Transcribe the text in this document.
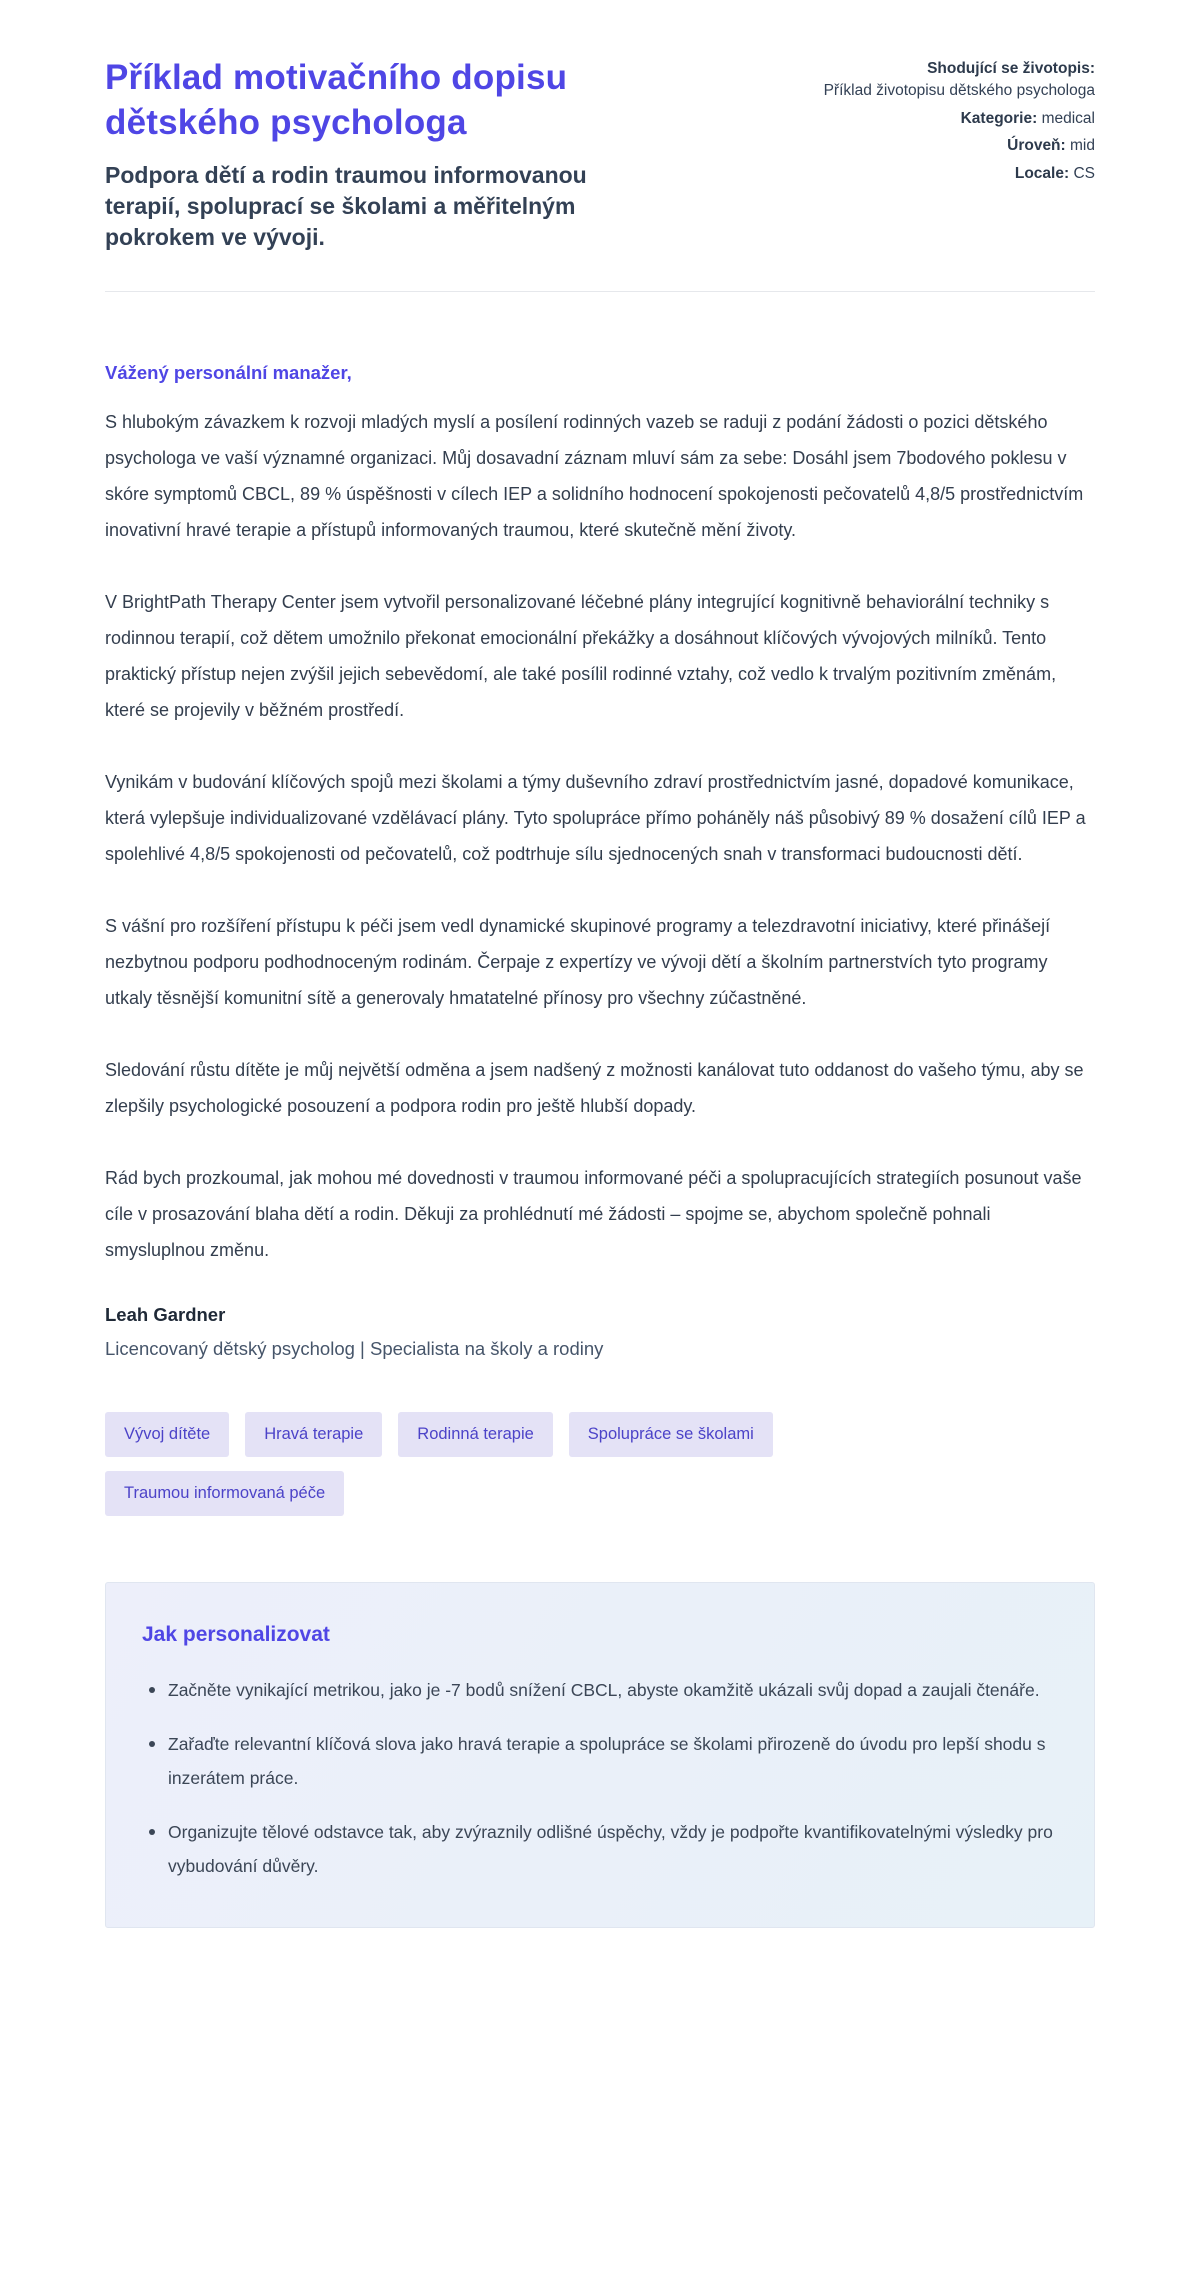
Příklad motivačního dopisu dětského psychologa

Podpora dětí a rodin traumou informovanou terapií, spoluprací se školami a měřitelným pokrokem ve vývoji.

Shodující se životopis:
Příklad životopisu dětského psychologa
Kategorie: medical
Úroveň: mid
Locale: CS

Vážený personální manažer,

S hlubokým závazkem k rozvoji mladých myslí a posílení rodinných vazeb se raduji z podání žádosti o pozici dětského psychologa ve vaší významné organizaci. Můj dosavadní záznam mluví sám za sebe: Dosáhl jsem 7bodového poklesu v skóre symptomů CBCL, 89 % úspěšnosti v cílech IEP a solidního hodnocení spokojenosti pečovatelů 4,8/5 prostřednictvím inovativní hravé terapie a přístupů informovaných traumou, které skutečně mění životy.

V BrightPath Therapy Center jsem vytvořil personalizované léčebné plány integrující kognitivně behaviorální techniky s rodinnou terapií, což dětem umožnilo překonat emocionální překážky a dosáhnout klíčových vývojových milníků. Tento praktický přístup nejen zvýšil jejich sebevědomí, ale také posílil rodinné vztahy, což vedlo k trvalým pozitivním změnám, které se projevily v běžném prostředí.

Vynikám v budování klíčových spojů mezi školami a týmy duševního zdraví prostřednictvím jasné, dopadové komunikace, která vylepšuje individualizované vzdělávací plány. Tyto spolupráce přímo poháněly náš působivý 89 % dosažení cílů IEP a spolehlivé 4,8/5 spokojenosti od pečovatelů, což podtrhuje sílu sjednocených snah v transformaci budoucnosti dětí.

S vášní pro rozšíření přístupu k péči jsem vedl dynamické skupinové programy a telezdravotní iniciativy, které přinášejí nezbytnou podporu podhodnoceným rodinám. Čerpaje z expertízy ve vývoji dětí a školním partnerstvích tyto programy utkaly těsnější komunitní sítě a generovaly hmatatelné přínosy pro všechny zúčastněné.

Sledování růstu dítěte je můj největší odměna a jsem nadšený z možnosti kanálovat tuto oddanost do vašeho týmu, aby se zlepšily psychologické posouzení a podpora rodin pro ještě hlubší dopady.

Rád bych prozkoumal, jak mohou mé dovednosti v traumou informované péči a spolupracujících strategiích posunout vaše cíle v prosazování blaha dětí a rodin. Děkuji za prohlédnutí mé žádosti – spojme se, abychom společně pohnali smysluplnou změnu.

Leah Gardner

Licencovaný dětský psycholog | Specialista na školy a rodiny

Vývoj dítěte	Hravá terapie	Rodinná terapie	Spolupráce se školami
Traumou informovaná péče
Jak personalizovat
Začněte vynikající metrikou, jako je -7 bodů snížení CBCL, abyste okamžitě ukázali svůj dopad a zaujali čtenáře.
Zařaďte relevantní klíčová slova jako hravá terapie a spolupráce se školami přirozeně do úvodu pro lepší shodu s inzerátem práce.
Organizujte tělové odstavce tak, aby zvýraznily odlišné úspěchy, vždy je podpořte kvantifikovatelnými výsledky pro vybudování důvěry.
